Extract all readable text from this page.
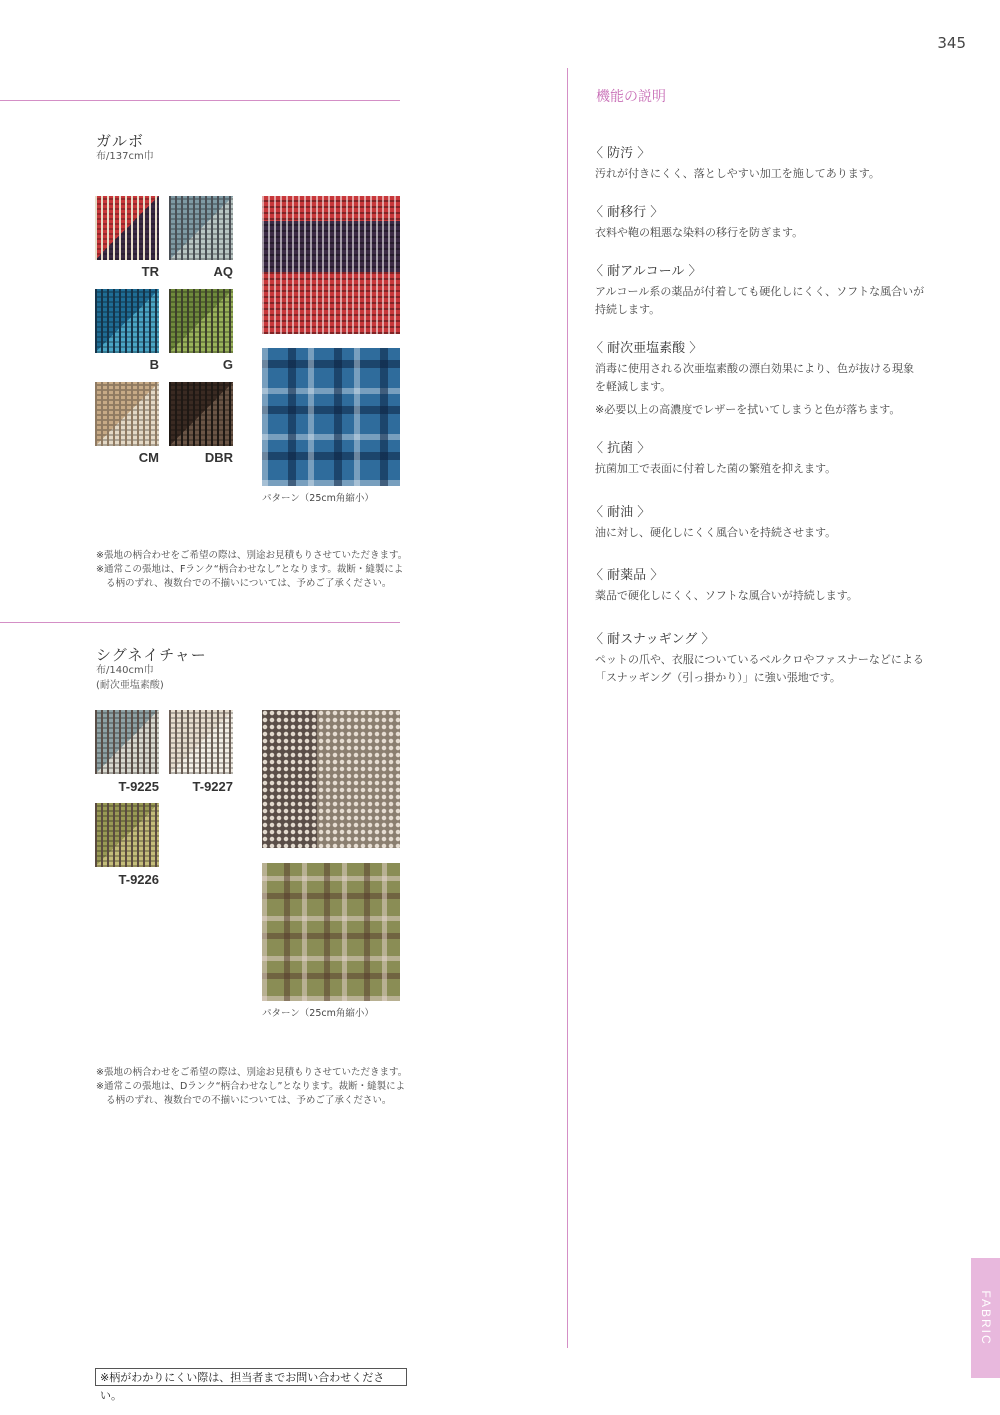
345
ガルボ
布/137cm巾
TR	AQ
B	G
CM	DBR
パターン（25cm角縮小）
※張地の柄合わせをご希望の際は、別途お見積もりさせていただきます。
※通常この張地は、Fランク“柄合わせなし”となります。裁断・縫製によ
る柄のずれ、複数台での不揃いについては、予めご了承ください。
シグネイチャー
布/140cm巾
(耐次亜塩素酸)
T-9225	T-9227
T-9226
パターン（25cm角縮小）
※張地の柄合わせをご希望の際は、別途お見積もりさせていただきます。
※通常この張地は、Dランク“柄合わせなし”となります。裁断・縫製によ
る柄のずれ、複数台での不揃いについては、予めご了承ください。
機能の説明
〈 防汚 〉
汚れが付きにくく、落としやすい加工を施してあります。
〈 耐移行 〉
衣料や鞄の粗悪な染料の移行を防ぎます。
〈 耐アルコール 〉
アルコール系の薬品が付着しても硬化しにくく、ソフトな風合いが
持続します。
〈 耐次亜塩素酸 〉
消毒に使用される次亜塩素酸の漂白効果により、色が抜ける現象
を軽減します。
※必要以上の高濃度でレザーを拭いてしまうと色が落ちます。
〈 抗菌 〉
抗菌加工で表面に付着した菌の繁殖を抑えます。
〈 耐油 〉
油に対し、硬化しにくく風合いを持続させます。
〈 耐薬品 〉
薬品で硬化しにくく、ソフトな風合いが持続します。
〈 耐スナッギング 〉
ペットの爪や、衣服についているベルクロやファスナーなどによる
「スナッギング（引っ掛かり）」に強い張地です。
FABRIC
※柄がわかりにくい際は、担当者までお問い合わせください。
